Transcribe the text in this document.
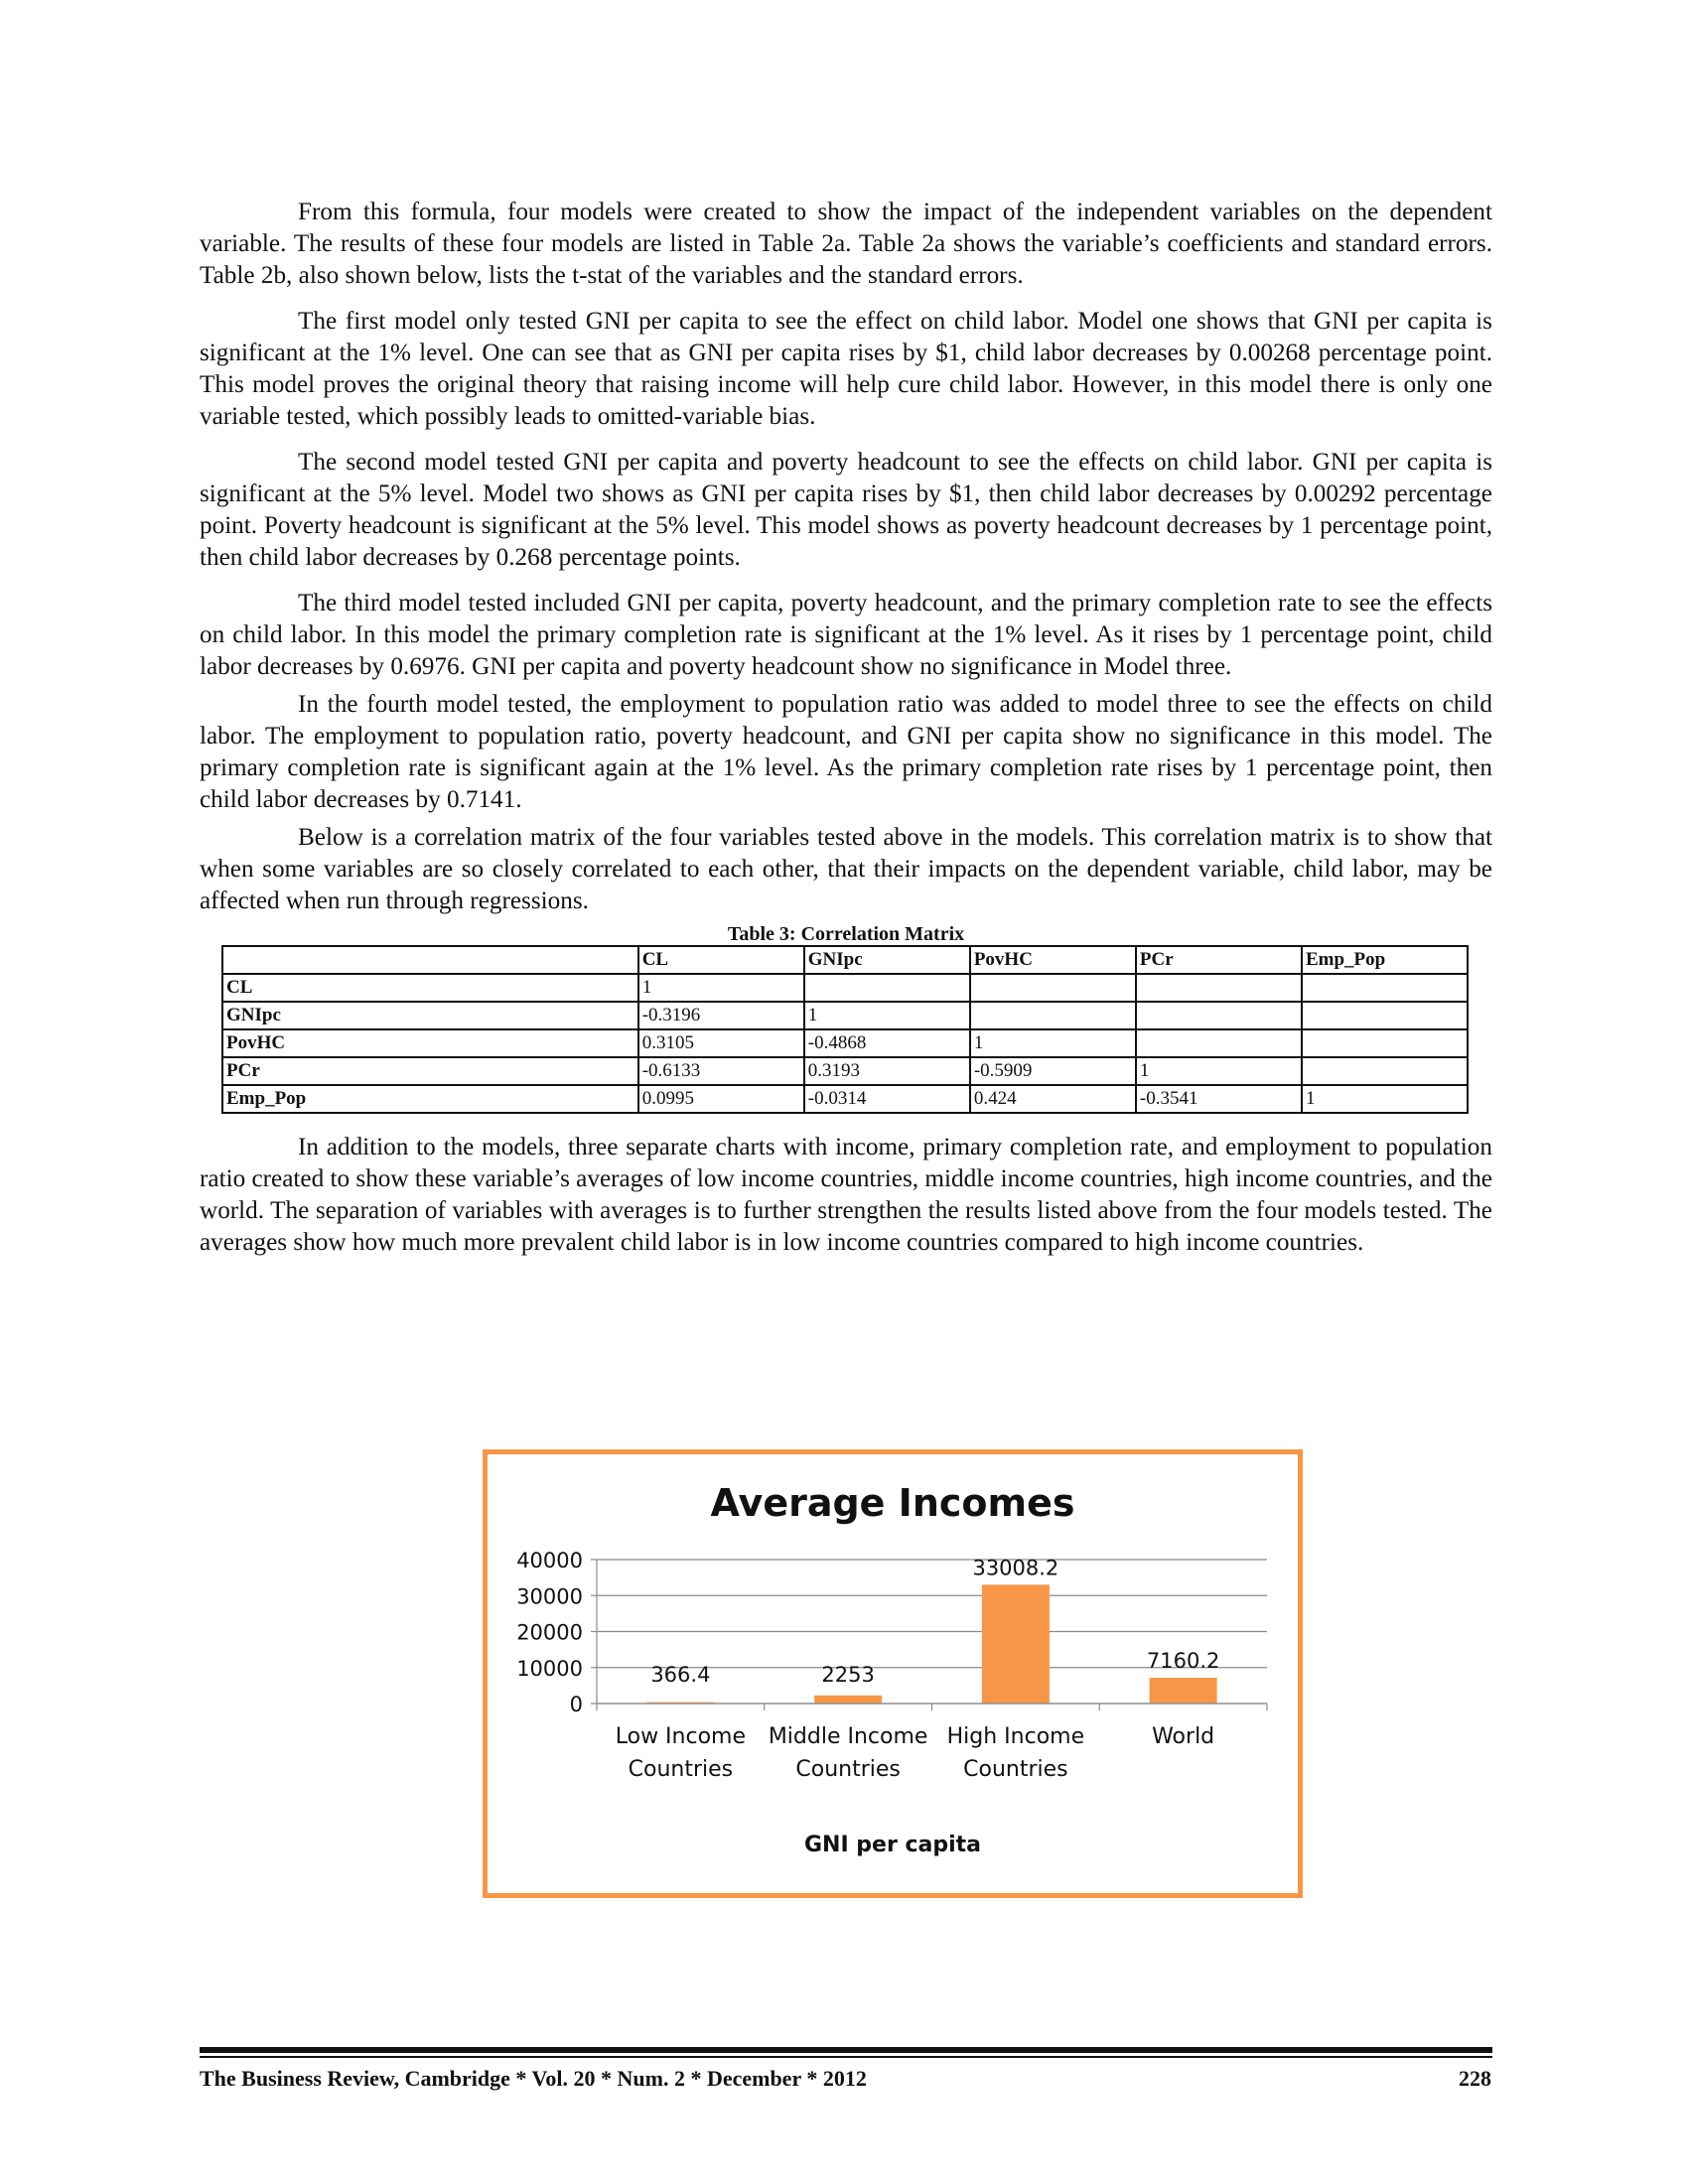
From this formula, four models were created to show the impact of the independent variables on the dependent variable. The results of these four models are listed in Table 2a. Table 2a shows the variable’s coefficients and standard errors. Table 2b, also shown below, lists the t-stat of the variables and the standard errors.

The first model only tested GNI per capita to see the effect on child labor. Model one shows that GNI per capita is significant at the 1% level. One can see that as GNI per capita rises by $1, child labor decreases by 0.00268 percentage point. This model proves the original theory that raising income will help cure child labor. However, in this model there is only one variable tested, which possibly leads to omitted-variable bias.

The second model tested GNI per capita and poverty headcount to see the effects on child labor. GNI per capita is significant at the 5% level. Model two shows as GNI per capita rises by $1, then child labor decreases by 0.00292 percentage point. Poverty headcount is significant at the 5% level. This model shows as poverty headcount decreases by 1 percentage point, then child labor decreases by 0.268 percentage points.

The third model tested included GNI per capita, poverty headcount, and the primary completion rate to see the effects on child labor. In this model the primary completion rate is significant at the 1% level. As it rises by 1 percentage point, child labor decreases by 0.6976. GNI per capita and poverty headcount show no significance in Model three.

In the fourth model tested, the employment to population ratio was added to model three to see the effects on child labor. The employment to population ratio, poverty headcount, and GNI per capita show no significance in this model. The primary completion rate is significant again at the 1% level. As the primary completion rate rises by 1 percentage point, then child labor decreases by 0.7141.

Below is a correlation matrix of the four variables tested above in the models. This correlation matrix is to show that when some variables are so closely correlated to each other, that their impacts on the dependent variable, child labor, may be affected when run through regressions.

Table 3: Correlation Matrix
	CL	GNIpc	PovHC	PCr	Emp_Pop
CL	1				
GNIpc	-0.3196	1			
PovHC	0.3105	-0.4868	1		
PCr	-0.6133	0.3193	-0.5909	1	
Emp_Pop	0.0995	-0.0314	0.424	-0.3541	1

In addition to the models, three separate charts with income, primary completion rate, and employment to population ratio created to show these variable’s averages of low income countries, middle income countries, high income countries, and the world. The separation of variables with averages is to further strengthen the results listed above from the four models tested. The averages show how much more prevalent child labor is in low income countries compared to high income countries.

Average Incomes
0
10000
20000
30000
40000
366.4
Low Income
Countries
2253
Middle Income
Countries
33008.2
High Income
Countries
7160.2
World
GNI per capita
The Business Review, Cambridge * Vol. 20 * Num. 2 * December * 2012	228
